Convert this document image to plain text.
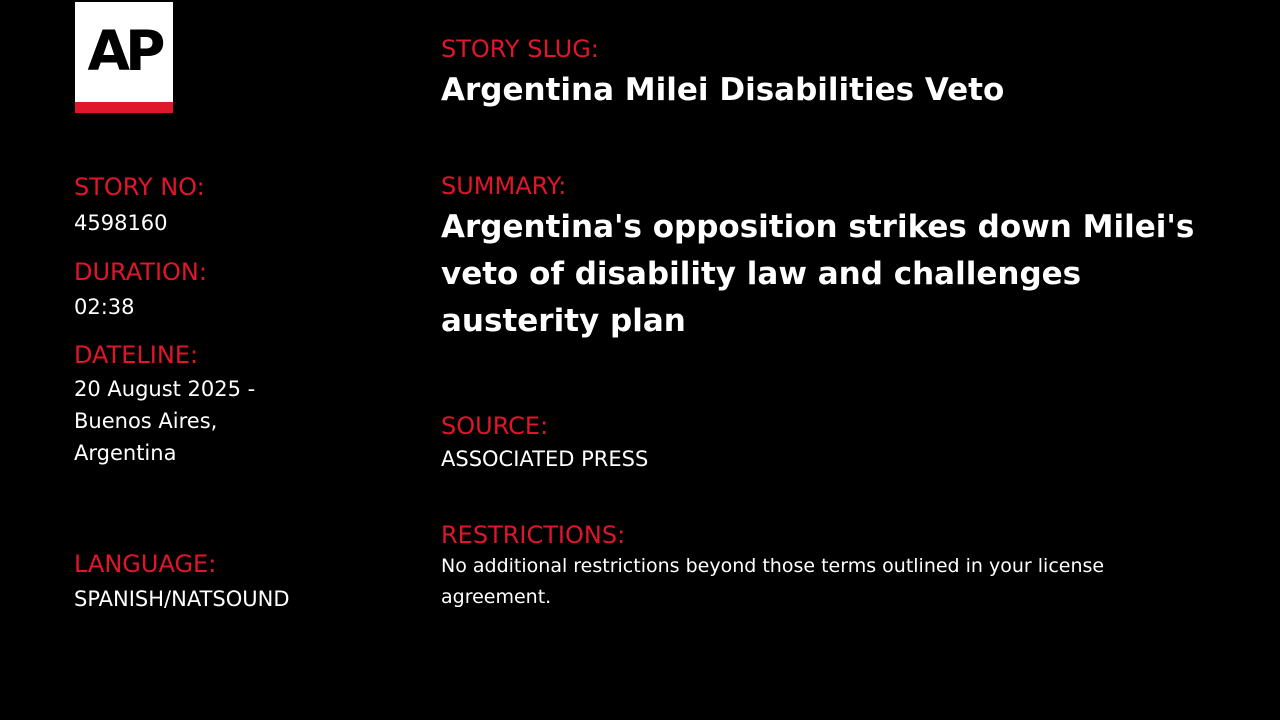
AP
STORY NO:
4598160
DURATION:
02:38
DATELINE:
20 August 2025 - Buenos Aires, Argentina
LANGUAGE:
SPANISH/NATSOUND
STORY SLUG:
Argentina Milei Disabilities Veto
SUMMARY:
Argentina's opposition strikes down Milei's veto of disability law and challenges austerity plan
SOURCE:
ASSOCIATED PRESS
RESTRICTIONS:
No additional restrictions beyond those terms outlined in your license agreement.
